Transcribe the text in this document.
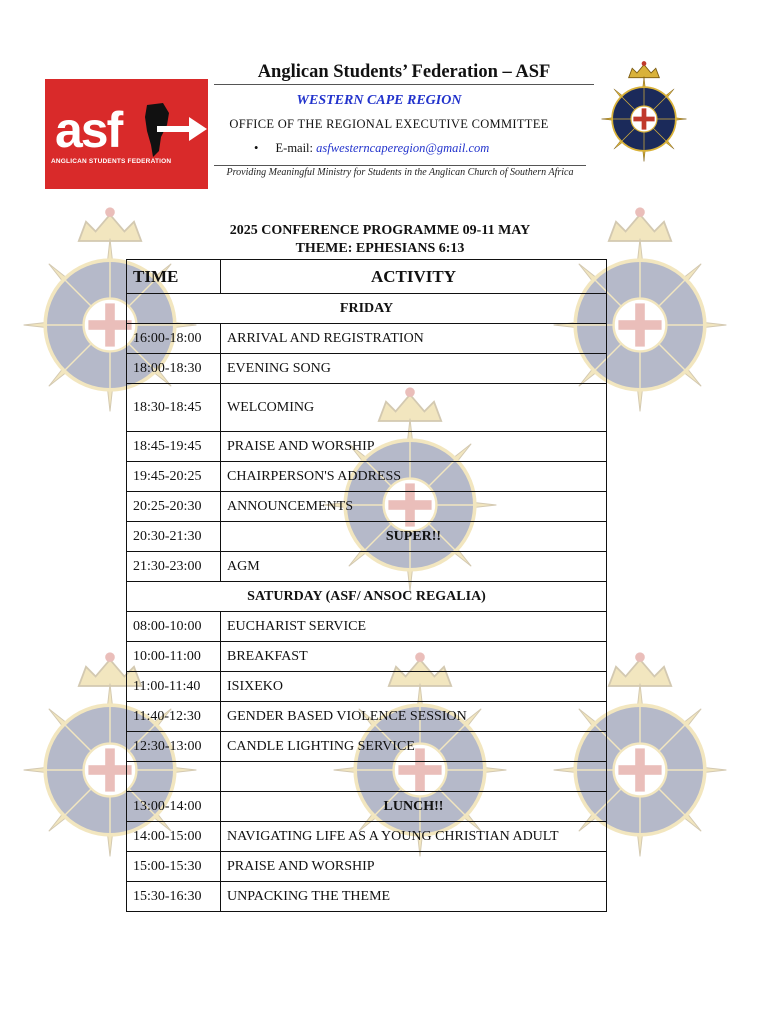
asf
ANGLICAN STUDENTS FEDERATION
Anglican Students’ Federation – ASF
WESTERN CAPE REGION
OFFICE OF THE REGIONAL EXECUTIVE COMMITTEE
• E-mail: asfwesterncaperegion@gmail.com
Providing Meaningful Ministry for Students in the Anglican Church of Southern Africa
2025 CONFERENCE PROGRAMME 09-11 MAY
THEME: EPHESIANS 6:13
TIME	ACTIVITY
FRIDAY	
16:00-18:00	ARRIVAL AND REGISTRATION
18:00-18:30	EVENING SONG
18:30-18:45	WELCOMING
18:45-19:45	PRAISE AND WORSHIP
19:45-20:25	CHAIRPERSON'S ADDRESS
20:25-20:30	ANNOUNCEMENTS
20:30-21:30	SUPER!!
21:30-23:00	AGM
SATURDAY (ASF/ ANSOC REGALIA)	
08:00-10:00	EUCHARIST SERVICE
10:00-11:00	BREAKFAST
11:00-11:40	ISIXEKO
11:40-12:30	GENDER BASED VIOLENCE SESSION
12:30-13:00	CANDLE LIGHTING SERVICE

13:00-14:00	LUNCH!!
14:00-15:00	NAVIGATING LIFE AS A YOUNG CHRISTIAN ADULT
15:00-15:30	PRAISE AND WORSHIP
15:30-16:30	UNPACKING THE THEME
